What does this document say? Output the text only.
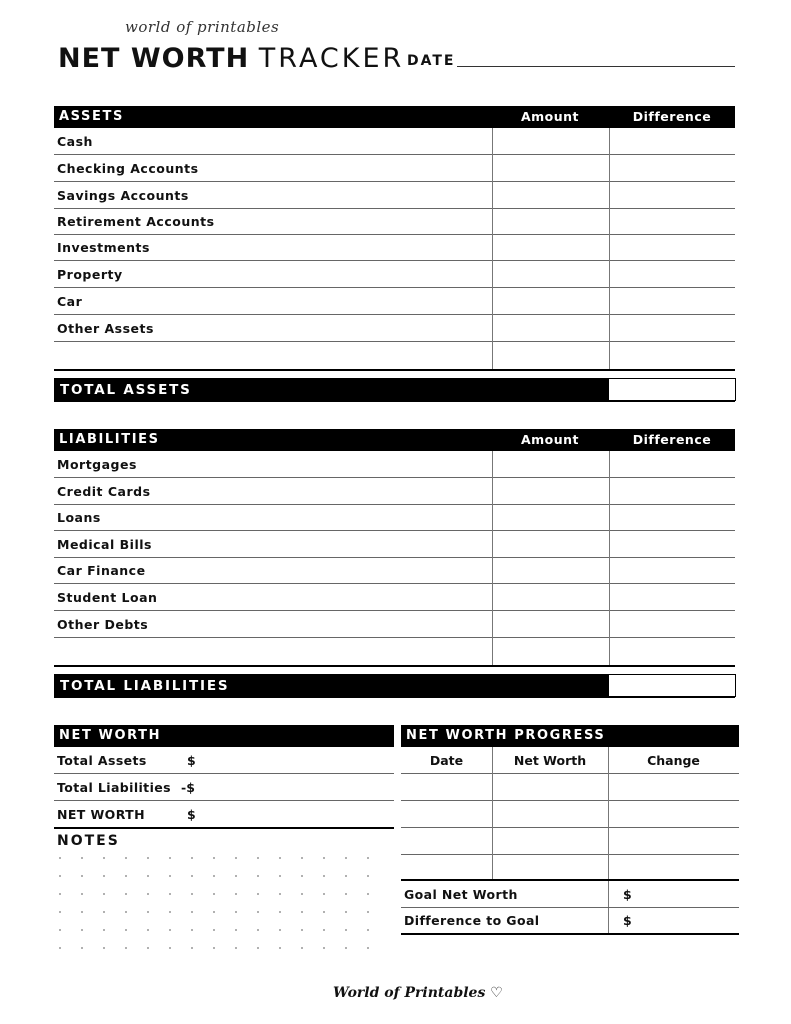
world of printables
NET WORTH TRACKER DATE
ASSETS	Amount	Difference
Cash
Checking Accounts
Savings Accounts
Retirement Accounts
Investments
Property
Car
Other Assets
TOTAL ASSETS
LIABILITIES	Amount	Difference
Mortgages
Credit Cards
Loans
Medical Bills
Car Finance
Student Loan
Other Debts
TOTAL LIABILITIES
NET WORTH
Total Assets	$
Total Liabilities -$
NET WORTH	$
NOTES
NET WORTH PROGRESS
Date	Net Worth	Change
Goal Net Worth	$
Difference to Goal	$
World of Printables ♡
